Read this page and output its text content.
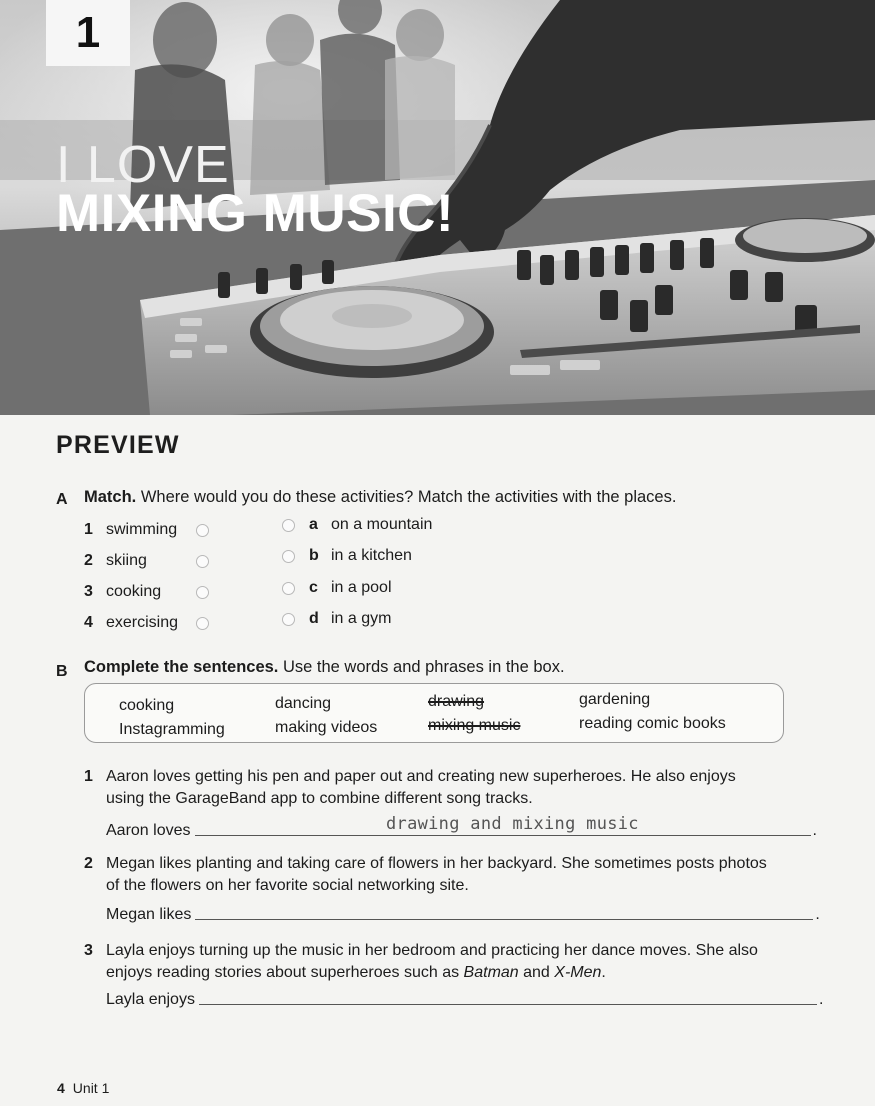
1
I LOVE
MIXING MUSIC!
PREVIEW
A Match. Where would you do these activities? Match the activities with the places.
1 swimming
2 skiing
3 cooking
4 exercising
a on a mountain
b in a kitchen
c in a pool
d in a gym
B Complete the sentences. Use the words and phrases in the box.
cooking	dancing	drawing	gardening
Instagramming	making videos	mixing music	reading comic books
1 Aaron loves getting his pen and paper out and creating new superheroes. He also enjoys
using the GarageBand app to combine different song tracks.
Aaron loves	.
drawing and mixing music
2 Megan likes planting and taking care of flowers in her backyard. She sometimes posts photos
of the flowers on her favorite social networking site.
Megan likes	.
3 Layla enjoys turning up the music in her bedroom and practicing her dance moves. She also
enjoys reading stories about superheroes such as Batman and X-Men.
Layla enjoys	.
4 Unit 1
